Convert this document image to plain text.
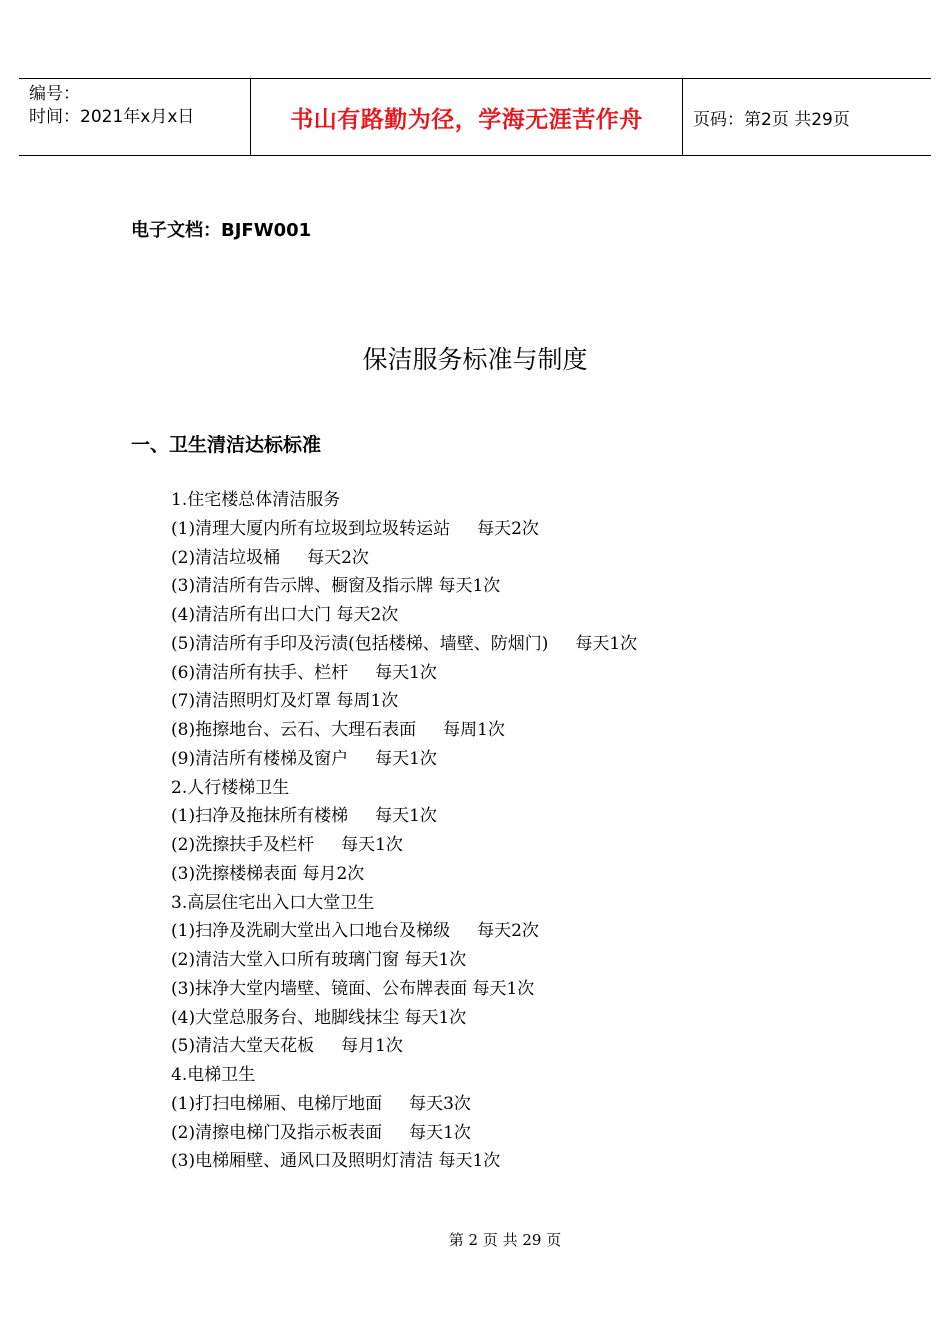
编号：
时间：2021年x月x日	书山有路勤为径，学海无涯苦作舟	页码：第2页 共29页
电子文档：BJFW001
保洁服务标准与制度
一、卫生清洁达标标准
1.住宅楼总体清洁服务
(1)清理大厦内所有垃圾到垃圾转运站     每天2次
(2)清洁垃圾桶     每天2次
(3)清洁所有告示牌、橱窗及指示牌 每天1次
(4)清洁所有出口大门 每天2次
(5)清洁所有手印及污渍(包括楼梯、墙壁、防烟门)     每天1次
(6)清洁所有扶手、栏杆     每天1次
(7)清洁照明灯及灯罩 每周1次
(8)拖擦地台、云石、大理石表面     每周1次
(9)清洁所有楼梯及窗户     每天1次
2.人行楼梯卫生
(1)扫净及拖抹所有楼梯     每天1次
(2)洗擦扶手及栏杆     每天1次
(3)洗擦楼梯表面 每月2次
3.高层住宅出入口大堂卫生
(1)扫净及洗刷大堂出入口地台及梯级     每天2次
(2)清洁大堂入口所有玻璃门窗 每天1次
(3)抹净大堂内墙壁、镜面、公布牌表面 每天1次
(4)大堂总服务台、地脚线抹尘 每天1次
(5)清洁大堂天花板     每月1次
4.电梯卫生
(1)打扫电梯厢、电梯厅地面     每天3次
(2)清擦电梯门及指示板表面     每天1次
(3)电梯厢壁、通风口及照明灯清洁 每天1次
第 2 页 共 29 页
